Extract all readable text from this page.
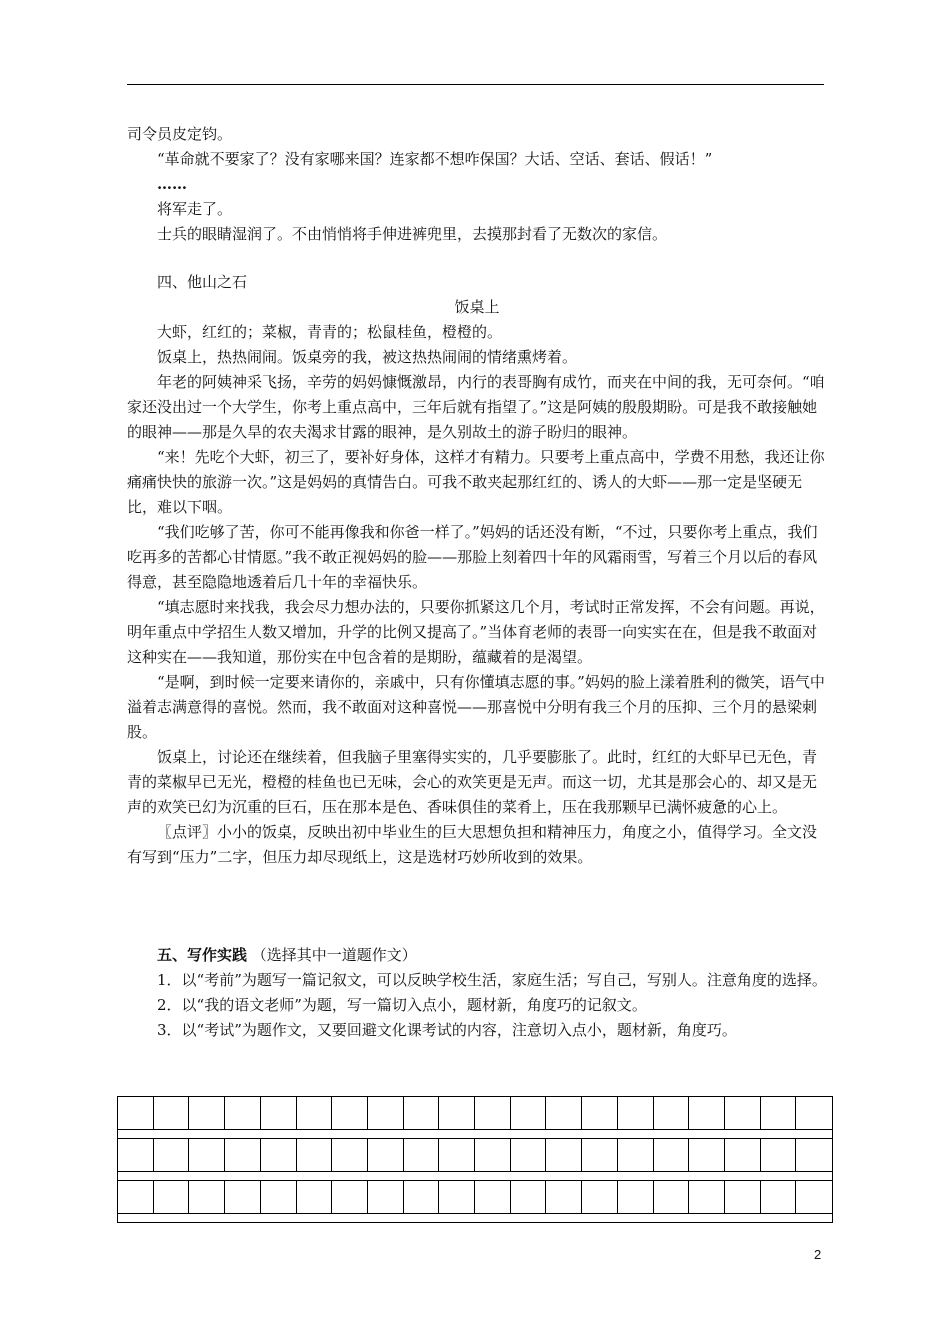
司令员皮定钧。

“革命就不要家了？没有家哪来国？连家都不想咋保国？大话、空话、套话、假话！”

……

将军走了。

士兵的眼睛湿润了。不由悄悄将手伸进裤兜里，去摸那封看了无数次的家信。

四、他山之石

饭桌上

大虾，红红的；菜椒，青青的；松鼠桂鱼，橙橙的。

饭桌上，热热闹闹。饭桌旁的我，被这热热闹闹的情绪熏烤着。

年老的阿姨神采飞扬，辛劳的妈妈慷慨激昂，内行的表哥胸有成竹，而夹在中间的我，无可奈何。“咱家还没出过一个大学生，你考上重点高中，三年后就有指望了。”这是阿姨的殷殷期盼。可是我不敢接触她的眼神——那是久旱的农夫渴求甘露的眼神，是久别故土的游子盼归的眼神。

“来！先吃个大虾，初三了，要补好身体，这样才有精力。只要考上重点高中，学费不用愁，我还让你痛痛快快的旅游一次。”这是妈妈的真情告白。可我不敢夹起那红红的、诱人的大虾——那一定是坚硬无比，难以下咽。

“我们吃够了苦，你可不能再像我和你爸一样了。”妈妈的话还没有断，“不过，只要你考上重点，我们吃再多的苦都心甘情愿。”我不敢正视妈妈的脸——那脸上刻着四十年的风霜雨雪，写着三个月以后的春风得意，甚至隐隐地透着后几十年的幸福快乐。

“填志愿时来找我，我会尽力想办法的，只要你抓紧这几个月，考试时正常发挥，不会有问题。再说，明年重点中学招生人数又增加，升学的比例又提高了。”当体育老师的表哥一向实实在在，但是我不敢面对这种实在——我知道，那份实在中包含着的是期盼，蕴藏着的是渴望。

“是啊，到时候一定要来请你的，亲戚中，只有你懂填志愿的事。”妈妈的脸上漾着胜利的微笑，语气中溢着志满意得的喜悦。然而，我不敢面对这种喜悦——那喜悦中分明有我三个月的压抑、三个月的悬梁刺股。

饭桌上，讨论还在继续着，但我脑子里塞得实实的，几乎要膨胀了。此时，红红的大虾早已无色，青青的菜椒早已无光，橙橙的桂鱼也已无味，会心的欢笑更是无声。而这一切，尤其是那会心的、却又是无声的欢笑已幻为沉重的巨石，压在那本是色、香味俱佳的菜肴上，压在我那颗早已满怀疲惫的心上。

〖点评〗小小的饭桌，反映出初中毕业生的巨大思想负担和精神压力，角度之小，值得学习。全文没有写到“压力”二字，但压力却尽现纸上，这是选材巧妙所收到的效果。

五、写作实践 （选择其中一道题作文）

1．以“考前”为题写一篇记叙文，可以反映学校生活，家庭生活；写自己，写别人。注意角度的选择。

2．以“我的语文老师”为题，写一篇切入点小，题材新，角度巧的记叙文。

3．以“考试”为题作文，又要回避文化课考试的内容，注意切入点小，题材新，角度巧。

2
